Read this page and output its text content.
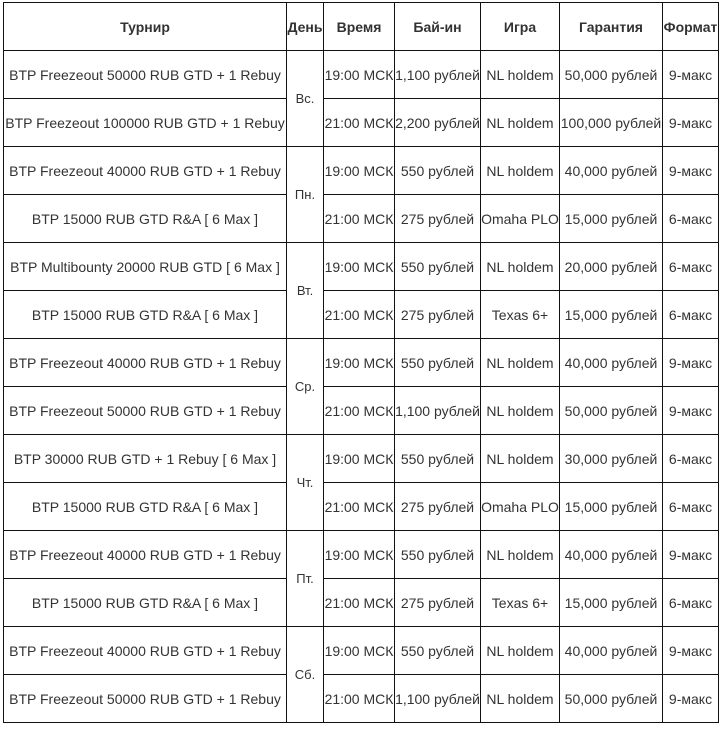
Турнир	День	Время	Бай-ин	Игра	Гарантия	Формат
BTP Freezeout 50000 RUB GTD + 1 Rebuy	Вс.	19:00 МСК	1,100 рублей	NL holdem	50,000 рублей	9-макс
BTP Freezeout 100000 RUB GTD + 1 Rebuy		21:00 МСК	2,200 рублей	NL holdem	100,000 рублей	9-макс
BTP Freezeout 40000 RUB GTD + 1 Rebuy	Пн.	19:00 МСК	550 рублей	NL holdem	40,000 рублей	9-макс
BTP 15000 RUB GTD R&A [ 6 Max ]		21:00 МСК	275 рублей	Omaha PLO	15,000 рублей	6-макс
BTP Multibounty 20000 RUB GTD [ 6 Max ]	Вт.	19:00 МСК	550 рублей	NL holdem	20,000 рублей	6-макс
BTP 15000 RUB GTD R&A [ 6 Max ]		21:00 МСК	275 рублей	Texas 6+	15,000 рублей	6-макс
BTP Freezeout 40000 RUB GTD + 1 Rebuy	Ср.	19:00 МСК	550 рублей	NL holdem	40,000 рублей	9-макс
BTP Freezeout 50000 RUB GTD + 1 Rebuy		21:00 МСК	1,100 рублей	NL holdem	50,000 рублей	9-макс
BTP 30000 RUB GTD + 1 Rebuy [ 6 Max ]	Чт.	19:00 МСК	550 рублей	NL holdem	30,000 рублей	6-макс
BTP 15000 RUB GTD R&A [ 6 Max ]		21:00 МСК	275 рублей	Omaha PLO	15,000 рублей	6-макс
BTP Freezeout 40000 RUB GTD + 1 Rebuy	Пт.	19:00 МСК	550 рублей	NL holdem	40,000 рублей	9-макс
BTP 15000 RUB GTD R&A [ 6 Max ]		21:00 МСК	275 рублей	Texas 6+	15,000 рублей	6-макс
BTP Freezeout 40000 RUB GTD + 1 Rebuy	Сб.	19:00 МСК	550 рублей	NL holdem	40,000 рублей	9-макс
BTP Freezeout 50000 RUB GTD + 1 Rebuy		21:00 МСК	1,100 рублей	NL holdem	50,000 рублей	9-макс
